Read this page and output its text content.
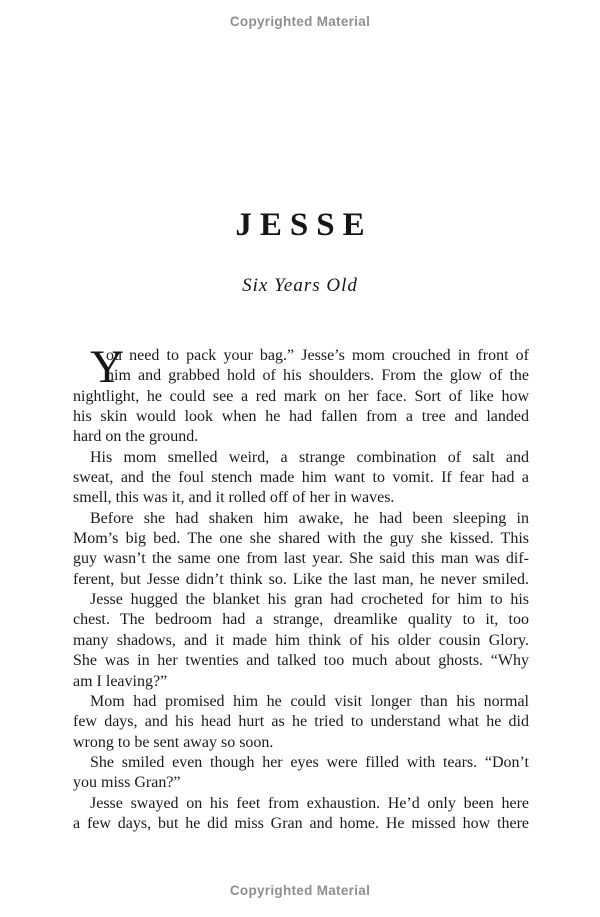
Copyrighted Material
JESSE
Six Years Old
Y
ou need to pack your bag.” Jesse’s mom crouched in front of
him and grabbed hold of his shoulders. From the glow of the
nightlight, he could see a red mark on her face. Sort of like how
his skin would look when he had fallen from a tree and landed
hard on the ground.
His mom smelled weird, a strange combination of salt and
sweat, and the foul stench made him want to vomit. If fear had a
smell, this was it, and it rolled off of her in waves.
Before she had shaken him awake, he had been sleeping in
Mom’s big bed. The one she shared with the guy she kissed. This
guy wasn’t the same one from last year. She said this man was dif-
ferent, but Jesse didn’t think so. Like the last man, he never smiled.
Jesse hugged the blanket his gran had crocheted for him to his
chest. The bedroom had a strange, dreamlike quality to it, too
many shadows, and it made him think of his older cousin Glory.
She was in her twenties and talked too much about ghosts. “Why
am I leaving?”
Mom had promised him he could visit longer than his normal
few days, and his head hurt as he tried to understand what he did
wrong to be sent away so soon.
She smiled even though her eyes were filled with tears. “Don’t
you miss Gran?”
Jesse swayed on his feet from exhaustion. He’d only been here
a few days, but he did miss Gran and home. He missed how there
Copyrighted Material
